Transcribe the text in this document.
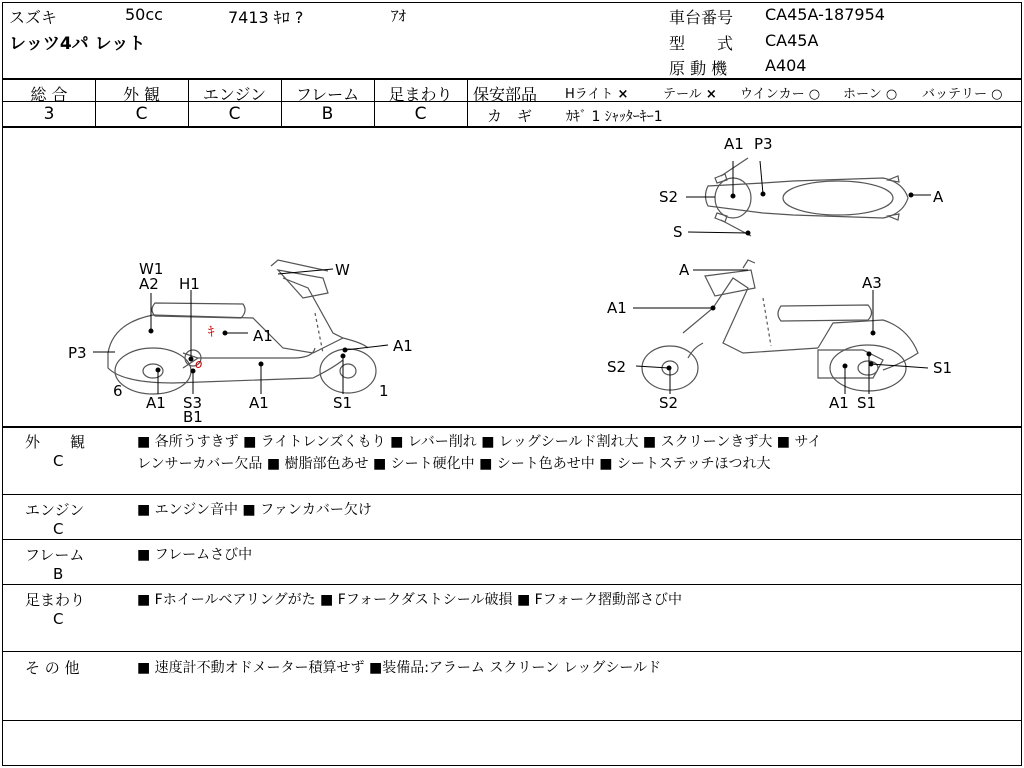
スズキ	50cc	7413 ｷﾛ ?	ｱｵ
レッツ4パ レット
車台番号 CA45A-187954
型　　式 CA45A
原 動 機 A404
総 合
3
外 観
C
エンジン
C
フレーム
B
足まわり
C
保安部品 Hライト ×	テール × ウインカー ○ ホーン ○ バッテリー ○
カ　ギ ｶｷﾞ 1 ｼｬｯﾀｰｷｰ1
ｷ
o
W1
A2 H1
W
A1
P3	A1
6
A1 S3
B1
A1	S1
1
A1 P3
S2	A
S
A
A1
A3
S2	S1
S2	A1 S1
外　　観
C
■ 各所うすきず ■ ライトレンズくもり ■ レバー削れ ■ レッグシールド割れ大 ■ スクリーンきず大 ■ サイ
レンサーカバー欠品 ■ 樹脂部色あせ ■ シート硬化中 ■ シート色あせ中 ■ シートステッチほつれ大
エンジン
C
■ エンジン音中 ■ ファンカバー欠け
フレーム
B
■ フレームさび中
足まわり
C
■ Fホイールベアリングがた ■ Fフォークダストシール破損 ■ Fフォーク摺動部さび中
そ の 他	■ 速度計不動オドメーター積算せず ■装備品:アラーム スクリーン レッグシールド
